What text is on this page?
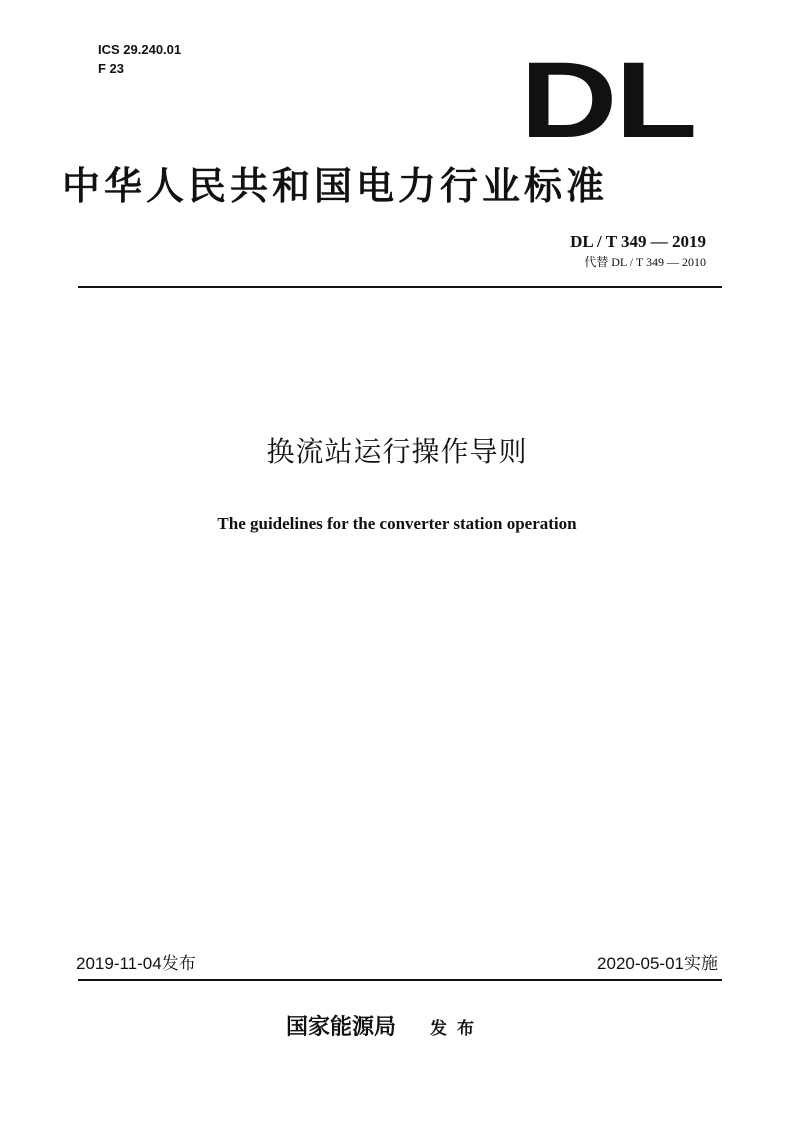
ICS 29.240.01
F 23	DL
中华人民共和国电力行业标准
DL / T 349 — 2019
代替 DL / T 349 — 2010
换流站运行操作导则
The guidelines for the converter station operation
2019-11-04发布	2020-05-01实施
国家能源局 发布
